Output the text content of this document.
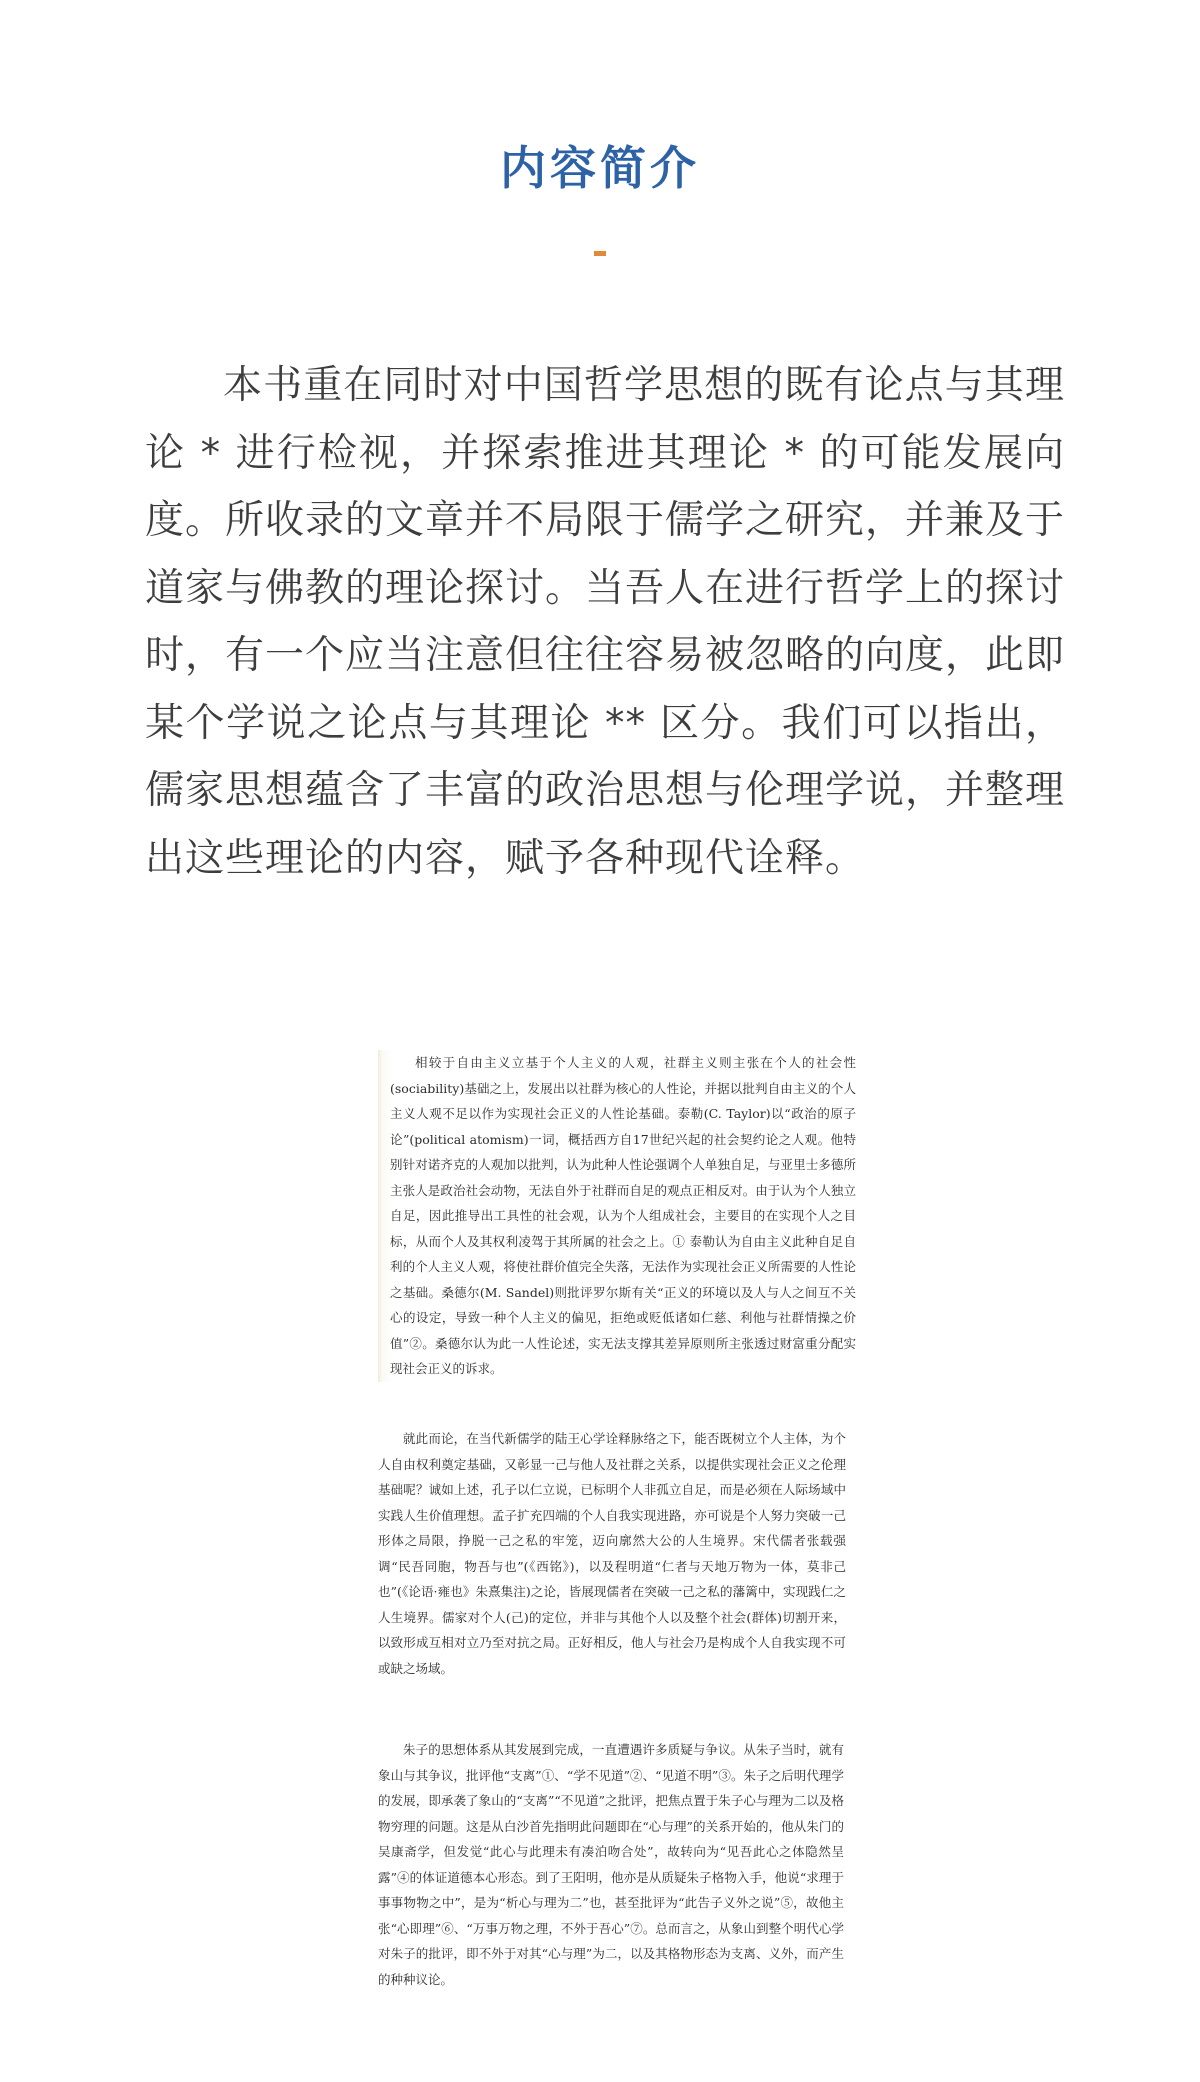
内容简介

本书重在同时对中国哲学思想的既有论点与其理论 * 进行检视，并探索推进其理论 * 的可能发展向度。所收录的文章并不局限于儒学之研究，并兼及于道家与佛教的理论探讨。当吾人在进行哲学上的探讨时，有一个应当注意但往往容易被忽略的向度，此即某个学说之论点与其理论 ** 区分。我们可以指出，儒家思想蕴含了丰富的政治思想与伦理学说，并整理出这些理论的内容，赋予各种现代诠释。

相较于自由主义立基于个人主义的人观，社群主义则主张在个人的社会性(sociability)基础之上，发展出以社群为核心的人性论，并据以批判自由主义的个人主义人观不足以作为实现社会正义的人性论基础。泰勒(C. Taylor)以“政治的原子论”(political atomism)一词，概括西方自17世纪兴起的社会契约论之人观。他特别针对诺齐克的人观加以批判，认为此种人性论强调个人单独自足，与亚里士多德所主张人是政治社会动物，无法自外于社群而自足的观点正相反对。由于认为个人独立自足，因此推导出工具性的社会观，认为个人组成社会，主要目的在实现个人之目标，从而个人及其权利凌驾于其所属的社会之上。① 泰勒认为自由主义此种自足自利的个人主义人观，将使社群价值完全失落，无法作为实现社会正义所需要的人性论之基础。桑德尔(M. Sandel)则批评罗尔斯有关“正义的环境以及人与人之间互不关心的设定，导致一种个人主义的偏见，拒绝或贬低诸如仁慈、利他与社群情操之价值”②。桑德尔认为此一人性论述，实无法支撑其差异原则所主张透过财富重分配实现社会正义的诉求。

就此而论，在当代新儒学的陆王心学诠释脉络之下，能否既树立个人主体，为个人自由权利奠定基础，又彰显一己与他人及社群之关系，以提供实现社会正义之伦理基础呢？诚如上述，孔子以仁立说，已标明个人非孤立自足，而是必须在人际场域中实践人生价值理想。孟子扩充四端的个人自我实现进路，亦可说是个人努力突破一己形体之局限，挣脱一己之私的牢笼，迈向廓然大公的人生境界。宋代儒者张载强调“民吾同胞，物吾与也”(《西铭》)，以及程明道“仁者与天地万物为一体，莫非己也”(《论语·雍也》朱熹集注)之论，皆展现儒者在突破一己之私的藩篱中，实现践仁之人生境界。儒家对个人(己)的定位，并非与其他个人以及整个社会(群体)切割开来，以致形成互相对立乃至对抗之局。正好相反，他人与社会乃是构成个人自我实现不可或缺之场域。

朱子的思想体系从其发展到完成，一直遭遇许多质疑与争议。从朱子当时，就有象山与其争议，批评他“支离”①、“学不见道”②、“见道不明”③。朱子之后明代理学的发展，即承袭了象山的“支离”“不见道”之批评，把焦点置于朱子心与理为二以及格物穷理的问题。这是从白沙首先指明此问题即在“心与理”的关系开始的，他从朱门的吴康斋学，但发觉“此心与此理未有凑泊吻合处”，故转向为“见吾此心之体隐然呈露”④的体证道德本心形态。到了王阳明，他亦是从质疑朱子格物入手，他说“求理于事事物物之中”，是为“析心与理为二”也，甚至批评为“此告子义外之说”⑤，故他主张“心即理”⑥、“万事万物之理，不外于吾心”⑦。总而言之，从象山到整个明代心学对朱子的批评，即不外于对其“心与理”为二，以及其格物形态为支离、义外，而产生的种种议论。
